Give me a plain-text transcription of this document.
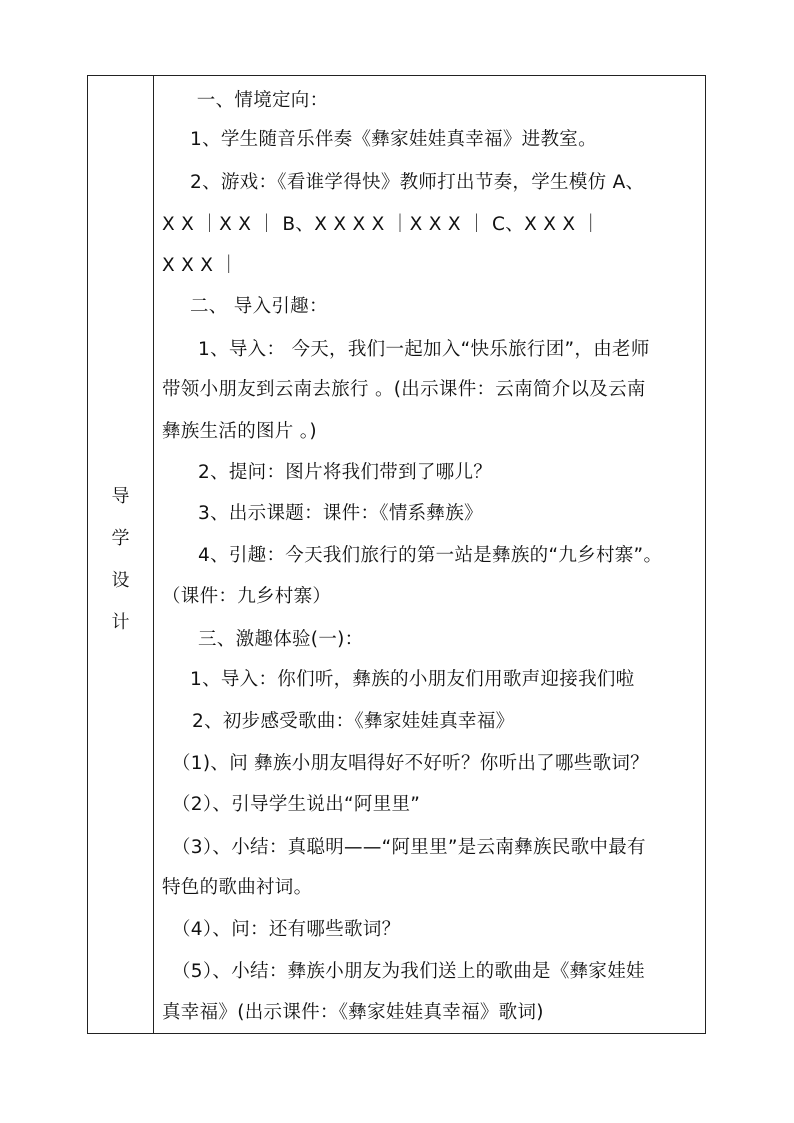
导
学
设
计
　一、情境定向：
1、学生随音乐伴奏《彝家娃娃真幸福》进教室。
2、游戏：《看谁学得快》教师打出节奏，学生模仿 A、
X X ｜X X ｜ B、X X X X ｜X X X ｜ C、X X X ｜
X X X ｜
二、 导入引趣：
1、导入： 今天，我们一起加入“快乐旅行团”，由老师
带领小朋友到云南去旅行 。(出示课件：云南简介以及云南
彝族生活的图片 。)
2、提问：图片将我们带到了哪儿？
3、出示课题：课件：《情系彝族》
4、引趣：今天我们旅行的第一站是彝族的“九乡村寨”。
（课件：九乡村寨）
三、激趣体验(一)：
1、导入：你们听，彝族的小朋友们用歌声迎接我们啦
2、初步感受歌曲：《彝家娃娃真幸福》
（1)、问 彝族小朋友唱得好不好听？你听出了哪些歌词？
（2）、引导学生说出“阿里里”
（3）、小结：真聪明——“阿里里”是云南彝族民歌中最有
特色的歌曲衬词。
（4）、问：还有哪些歌词？
（5）、小结：彝族小朋友为我们送上的歌曲是《彝家娃娃
真幸福》(出示课件：《彝家娃娃真幸福》歌词)
